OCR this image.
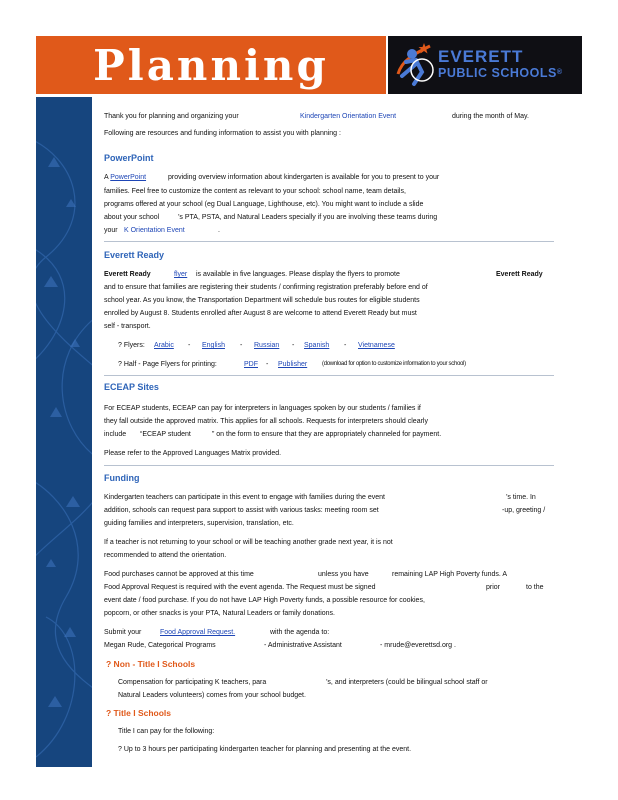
Planning	EVERETT
PUBLIC SCHOOLS®
Thank you for planning and organizing your	Kindergarten Orientation Event	during the month of May.
Following are resources and funding information to assist you with planning :
PowerPoint
A PowerPoint	providing overview information about kindergarten is available for you to present to your
families. Feel free to customize the content as relevant to your school: school name, team details,
programs offered at your school (eg Dual Language, Lighthouse, etc). You might want to include a slide
about your school	’s PTA, PSTA, and Natural Leaders specially if you are involving these teams during
your K Orientation Event	.
Everett Ready
Everett Ready	flyer is available in five languages. Please display the flyers to promote	Everett Ready
and to ensure that families are registering their students / confirming registration preferably before end of
school year. As you know, the Transportation Department will schedule bus routes for eligible students
enrolled by August 8. Students enrolled after August 8 are welcome to attend Everett Ready but must
self - transport.
? Flyers: Arabic - English - Russian - Spanish - Vietnamese
? Half - Page Flyers for printing:	PDF - Publisher (download for option to customize information to your school)
ECEAP Sites
For ECEAP students, ECEAP can pay for interpreters in languages spoken by our students / families if
they fall outside the approved matrix. This applies for all schools. Requests for interpreters should clearly
include “ECEAP student	” on the form to ensure that they are appropriately channeled for payment.
Please refer to the Approved Languages Matrix provided.
Funding
Kindergarten teachers can participate in this event to engage with families during the event	’s time. In
addition, schools can request para support to assist with various tasks: meeting room set	-up, greeting /
guiding families and interpreters, supervision, translation, etc.
If a teacher is not returning to your school or will be teaching another grade next year, it is not
recommended to attend the orientation.
Food purchases cannot be approved at this time	unless you have	remaining LAP High Poverty funds. A
Food Approval Request is required with the event agenda. The Request must be signed	prior	to the
event date / food purchase. If you do not have LAP High Poverty funds, a possible resource for cookies,
popcorn, or other snacks is your PTA, Natural Leaders or family donations.
Submit your	Food Approval Request.	with the agenda to:
Megan Rude, Categorical Programs	- Administrative Assistant	- mrude@everettsd.org .
? Non - Title I Schools
Compensation for participating K teachers, para	’s, and interpreters (could be bilingual school staff or
Natural Leaders volunteers) comes from your school budget.
? Title I Schools
Title I can pay for the following:
? Up to 3 hours per participating kindergarten teacher for planning and presenting at the event.
